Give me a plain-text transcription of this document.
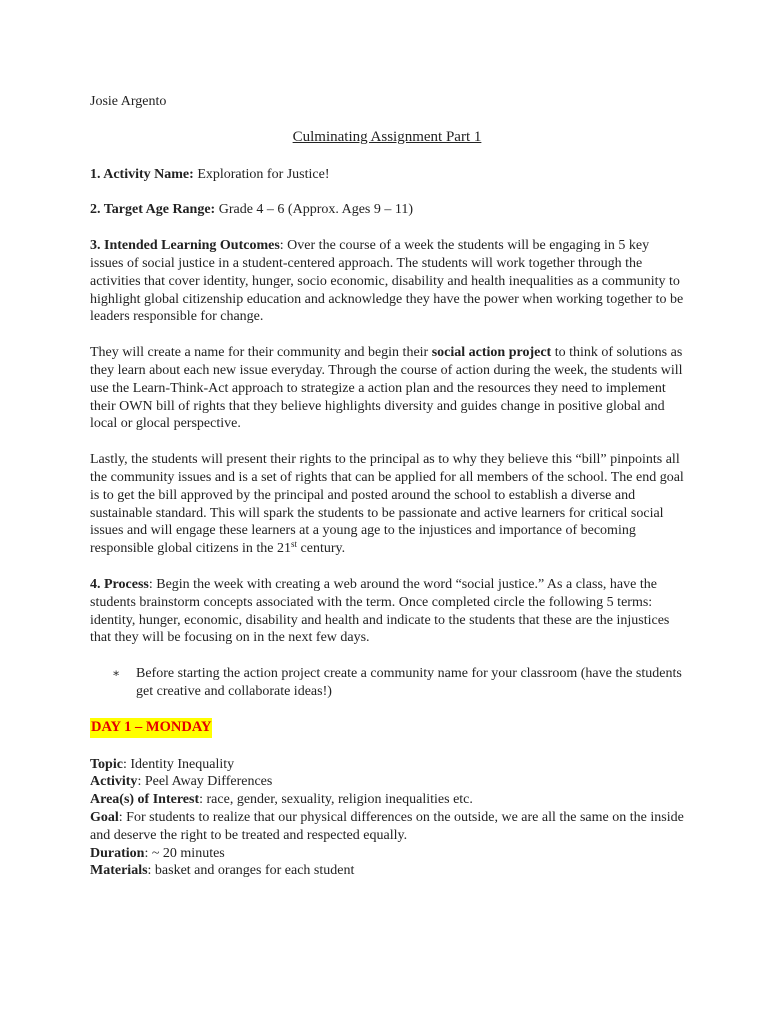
Josie Argento

Culminating Assignment Part 1

1. Activity Name: Exploration for Justice!

2. Target Age Range: Grade 4 – 6 (Approx. Ages 9 – 11)

3. Intended Learning Outcomes: Over the course of a week the students will be engaging in 5 key issues of social justice in a student-centered approach. The students will work together through the activities that cover identity, hunger, socio economic, disability and health inequalities as a community to highlight global citizenship education and acknowledge they have the power when working together to be leaders responsible for change.

They will create a name for their community and begin their social action project to think of solutions as they learn about each new issue everyday. Through the course of action during the week, the students will use the Learn-Think-Act approach to strategize a action plan and the resources they need to implement their OWN bill of rights that they believe highlights diversity and guides change in positive global and local or glocal perspective.

Lastly, the students will present their rights to the principal as to why they believe this “bill” pinpoints all the community issues and is a set of rights that can be applied for all members of the school. The end goal is to get the bill approved by the principal and posted around the school to establish a diverse and sustainable standard. This will spark the students to be passionate and active learners for critical social issues and will engage these learners at a young age to the injustices and importance of becoming responsible global citizens in the 21st century.

4. Process: Begin the week with creating a web around the word “social justice.” As a class, have the students brainstorm concepts associated with the term. Once completed circle the following 5 terms: identity, hunger, economic, disability and health and indicate to the students that these are the injustices that they will be focusing on in the next few days.

∗ Before starting the action project create a community name for your classroom (have the students get creative and collaborate ideas!)
DAY 1 – MONDAY
Topic: Identity Inequality
Activity: Peel Away Differences
Area(s) of Interest: race, gender, sexuality, religion inequalities etc.
Goal: For students to realize that our physical differences on the outside, we are all the same on the inside and deserve the right to be treated and respected equally.
Duration: ~ 20 minutes
Materials: basket and oranges for each student
